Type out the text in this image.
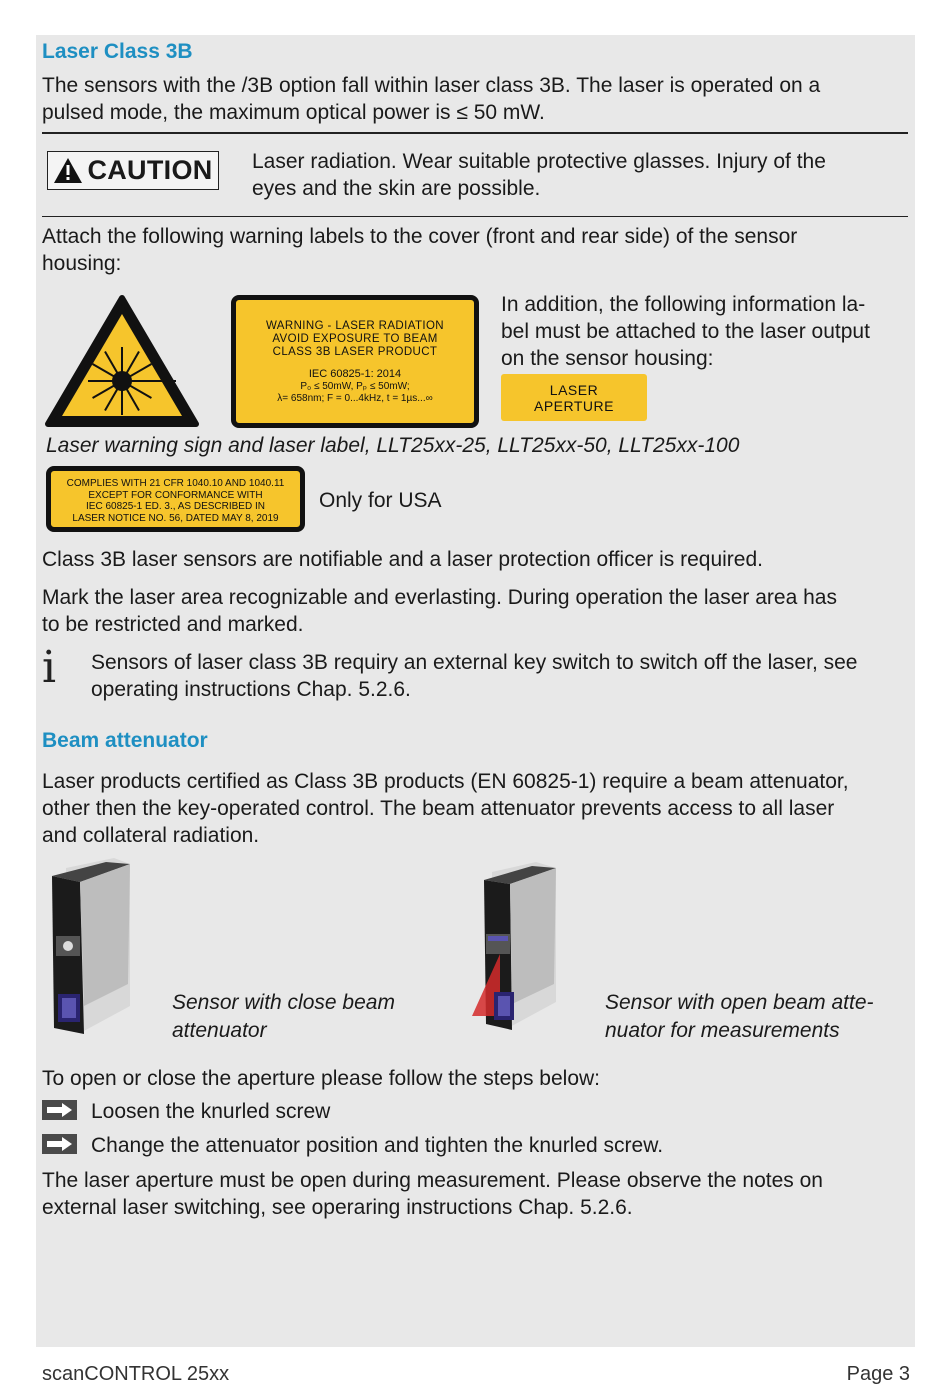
Laser Class 3B
The sensors with the /3B option fall within laser class 3B. The laser is operated on a
pulsed mode, the maximum optical power is ≤ 50 mW.
CAUTION Laser radiation. Wear suitable protective glasses. Injury of the
eyes and the skin are possible.
Attach the following warning labels to the cover (front and rear side) of the sensor
housing:
WARNING - LASER RADIATION
AVOID EXPOSURE TO BEAM
CLASS 3B LASER PRODUCT
IEC 60825-1: 2014
P₀ ≤ 50mW, Pₚ ≤ 50mW;
λ= 658nm; F = 0...4kHz, t = 1µs...∞
In addition, the following information la-
bel must be attached to the laser output
on the sensor housing:
LASER
APERTURE
Laser warning sign and laser label, LLT25xx-25, LLT25xx-50, LLT25xx-100
COMPLIES WITH 21 CFR 1040.10 AND 1040.11
EXCEPT FOR CONFORMANCE WITH
IEC 60825-1 ED. 3., AS DESCRIBED IN
LASER NOTICE NO. 56, DATED MAY 8, 2019
Only for USA
Class 3B laser sensors are notifiable and a laser protection officer is required.
Mark the laser area recognizable and everlasting. During operation the laser area has
to be restricted and marked.
i Sensors of laser class 3B requiry an external key switch to switch off the laser, see
operating instructions Chap. 5.2.6.
Beam attenuator
Laser products certified as Class 3B products (EN 60825-1) require a beam attenuator,
other then the key-operated control. The beam attenuator prevents access to all laser
and collateral radiation.
Sensor with close beam
attenuator
Sensor with open beam atte-
nuator for measurements
To open or close the aperture please follow the steps below:
Loosen the knurled screw
Change the attenuator position and tighten the knurled screw.
The laser aperture must be open during measurement. Please observe the notes on
external laser switching, see operaring instructions Chap. 5.2.6.
scanCONTROL 25xx	Page 3
